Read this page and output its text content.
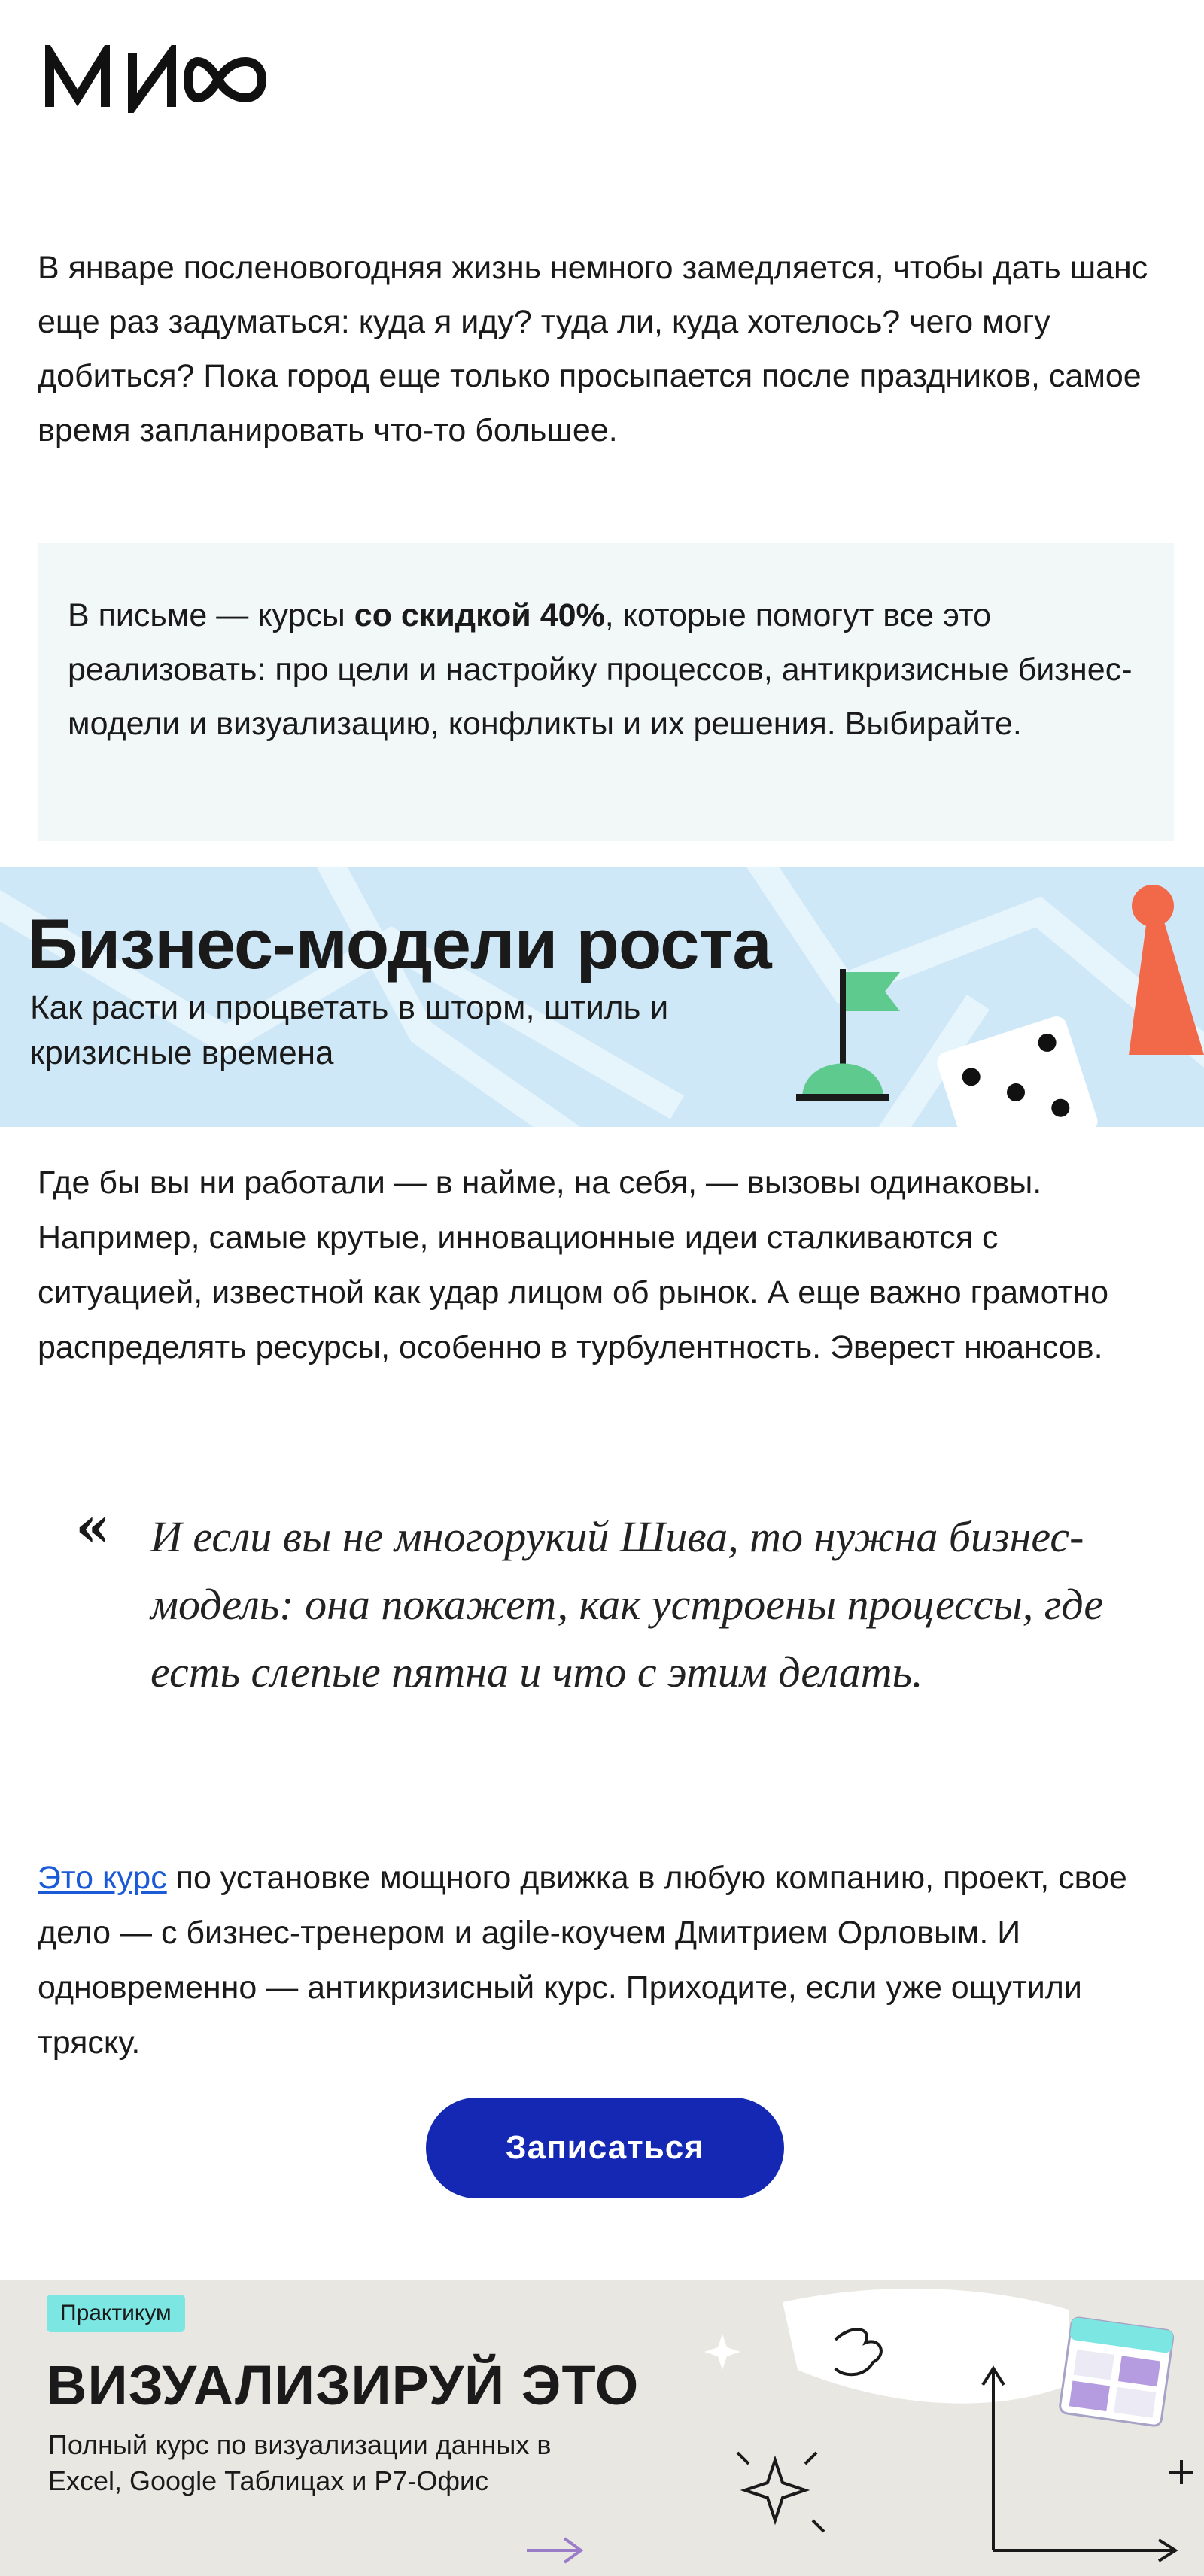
В январе посленовогодняя жизнь немного замедляется, чтобы дать шанс еще раз задуматься: куда я иду? туда ли, куда хотелось? чего могу добиться? Пока город еще только просыпается после праздников, самое время запланировать что-то большее.

В письме — курсы со скидкой 40%, которые помогут все это реализовать: про цели и настройку процессов, антикризисные бизнес-модели и визуализацию, конфликты и их решения. Выбирайте.

Бизнес-модели роста

Как расти и процветать в шторм, штиль и кризисные времена

Где бы вы ни работали — в найме, на себя, — вызовы одинаковы. Например, самые крутые, инновационные идеи сталкиваются с ситуацией, известной как удар лицом об рынок. А еще важно грамотно распределять ресурсы, особенно в турбулентность. Эверест нюансов.

« И если вы не многорукий Шива, то нужна бизнес-модель: она покажет, как устроены процессы, где есть слепые пятна и что с этим делать.

Это курс по установке мощного движка в любую компанию, проект, свое дело — с бизнес-тренером и agile-коучем Дмитрием Орловым. И одновременно — антикризисный курс. Приходите, если уже ощутили тряску.

Записаться
Практикум
ВИЗУАЛИЗИРУЙ ЭТО

Полный курс по визуализации данных в Excel, Google Таблицах и Р7-Офис
